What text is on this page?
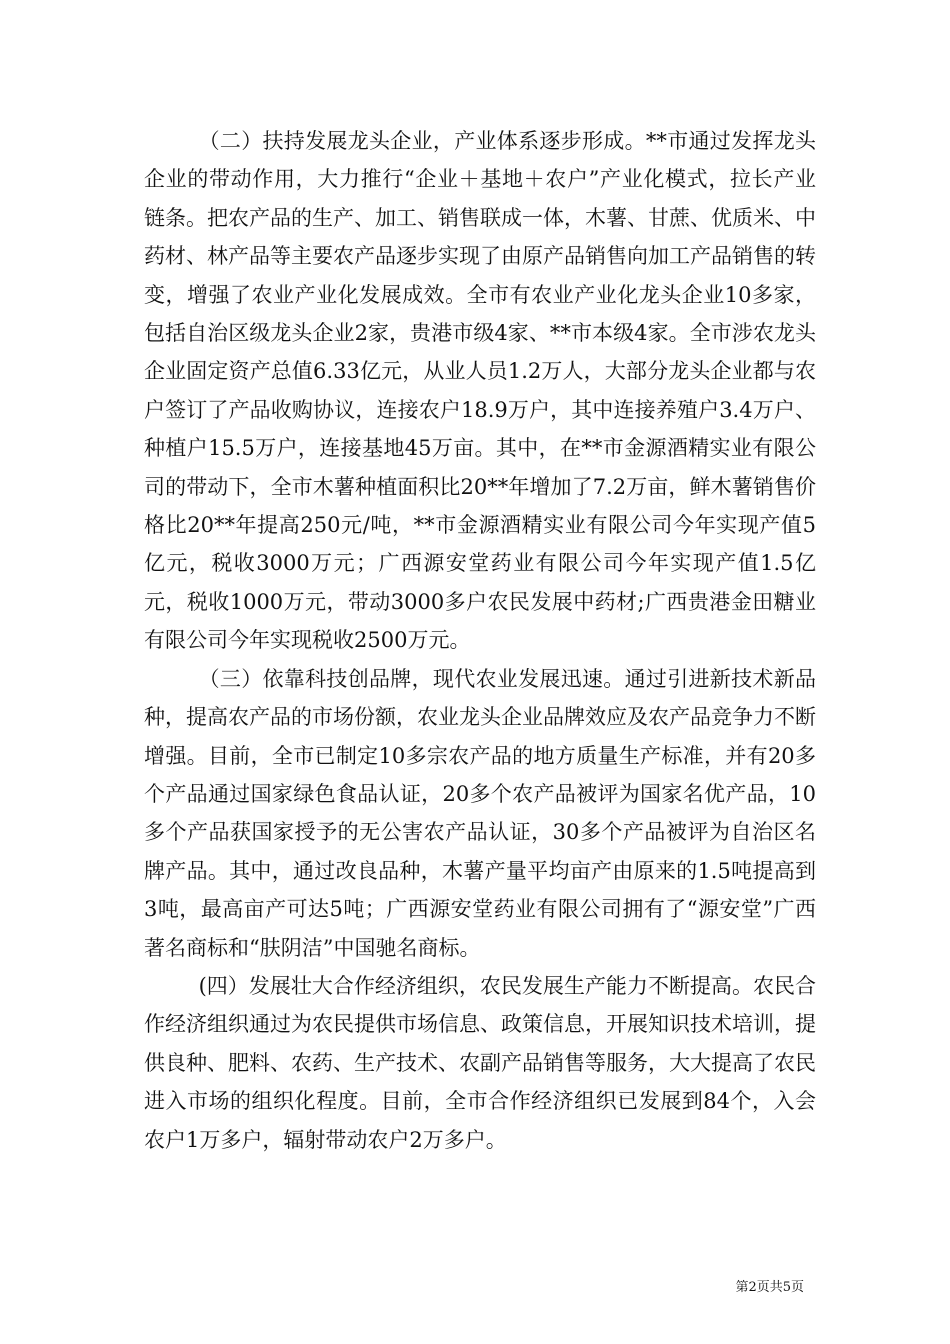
（二）扶持发展龙头企业，产业体系逐步形成。**市通过发挥龙头企业的带动作用，大力推行“企业＋基地＋农户”产业化模式，拉长产业链条。把农产品的生产、加工、销售联成一体，木薯、甘蔗、优质米、中药材、林产品等主要农产品逐步实现了由原产品销售向加工产品销售的转变，增强了农业产业化发展成效。全市有农业产业化龙头企业10多家，包括自治区级龙头企业2家，贵港市级4家、**市本级4家。全市涉农龙头企业固定资产总值6.33亿元，从业人员1.2万人，大部分龙头企业都与农户签订了产品收购协议，连接农户18.9万户，其中连接养殖户3.4万户、种植户15.5万户，连接基地45万亩。其中，在**市金源酒精实业有限公司的带动下，全市木薯种植面积比20**年增加了7.2万亩，鲜木薯销售价格比20**年提高250元/吨，**市金源酒精实业有限公司今年实现产值5亿元，税收3000万元；广西源安堂药业有限公司今年实现产值1.5亿元，税收1000万元，带动3000多户农民发展中药材;广西贵港金田糖业有限公司今年实现税收2500万元。

（三）依靠科技创品牌，现代农业发展迅速。通过引进新技术新品种，提高农产品的市场份额，农业龙头企业品牌效应及农产品竞争力不断增强。目前，全市已制定10多宗农产品的地方质量生产标准，并有20多个产品通过国家绿色食品认证，20多个农产品被评为国家名优产品，10多个产品获国家授予的无公害农产品认证，30多个产品被评为自治区名牌产品。其中，通过改良品种，木薯产量平均亩产由原来的1.5吨提高到3吨，最高亩产可达5吨；广西源安堂药业有限公司拥有了“源安堂”广西著名商标和“肤阴洁”中国驰名商标。

(四）发展壮大合作经济组织，农民发展生产能力不断提高。农民合作经济组织通过为农民提供市场信息、政策信息，开展知识技术培训，提供良种、肥料、农药、生产技术、农副产品销售等服务，大大提高了农民进入市场的组织化程度。目前，全市合作经济组织已发展到84个，入会农户1万多户，辐射带动农户2万多户。

第2页共5页
